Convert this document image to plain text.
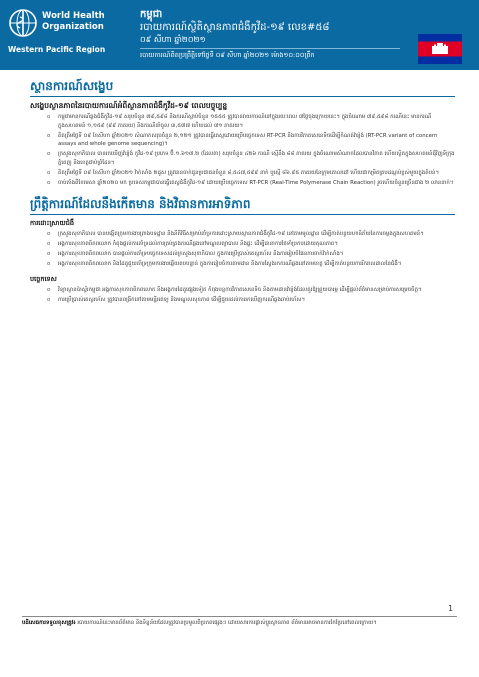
World Health
Organization
Western Pacific Region
កម្ពុជា
របាយការណ៍ស្ថិតិស្ថានភាពជំងឺកូវីដ-១៩ លេខ#៥៨
០៩ សីហា ឆ្នាំ២០២១
របាយការណ៍ពិតប្រព្រឹត្តិទៅថ្ងៃទី ០៩ សីហា ឆ្នាំ២០២១ ម៉ោង១០:០០ព្រឹក
ស្ថានការណ៍សង្ខេប
សង្ខេបស្ថានភាពនៃរបាយការណ៍អំពីស្ថានភាពជំងឺកូវីដ-១៩ ពេលបច្ចុប្បន្ន
o កម្ពុជាមានករណីឆ្លងជំងឺកូវីដ-១៩ សរុបចំនួន ៧៩,៥៩៨ និងករណីស្លាប់ចំនួន ១៥៥៥ ត្រូវបានរាយការណ៍នៅក្នុងរយៈពេល ៧ថ្ងៃចុងក្រោយនេះ។ ក្នុងចំណោម ៧៩,៥៩៨ ករណីនេះ មានករណីក្នុងសហគមន៍ ១,១៥៩ (៩៩ ភាគរយ) និងករណីនាំចូល ៣,៥៧៧ ហើយដល់ ៧១ ភាគរយ។
o គិតត្រឹមថ្ងៃទី ០៩ ខែសីហា ឆ្នាំ២០២១ សំណាកសរុបចំនួន ២,១២១ ត្រូវបានធ្វើតេស្ត​ដោយប្រើបច្ចេកទេស RT-PCR និងការវិភាគសេនេទិចដើម្បីកំណត់វ៉ារ្យ៉ង់ (RT-PCR variant of concern assays and whole genome sequencing)។
o ក្រសួងសុខាភិបាល បានរកឃើញវ៉ារ្យ៉ង់ កូវីដ-១៩ ប្រភេទ ប៊ី.១.៦១៧.២ (ដែលតា) សរុបចំនួន ៤២៦ ករណី ស្មើនឹង ៨៨ ភាគរយ ក្នុងចំណោមសំណាកដែលបានវិភាគ ហើយស្ថិតក្នុងសហគមន៍ជុំវិញទីក្រុងភ្នំពេញ និងខេត្តជាប់ព្រំដែន។
o គិតត្រឹមថ្ងៃទី ០៩ ខែសីហា ឆ្នាំ២០២១ វ៉ាក់សាំង ២ដូស ត្រូវបានចាក់ជូនប្រជាជនចំនួន ៨,៥៤៧,៥៩៩ នាក់ ឬស្មើ ៨៦.៩៥ ភាគរយនៃក្រុមគោលដៅ ហើយជាកម្រិតគ្របដណ្តប់ខ្ពស់មួយក្នុងតំបន់។
o ចាប់តាំងពីខែមេសា ឆ្នាំ២០២០ មក ប្រទេសកម្ពុជាបានធ្វើតេស្តជំងឺកូវីដ-១៩ ដោយប្រើបច្ចេកទេស RT-PCR (Real-Time Polymerase Chain Reaction) រួចហើយចំនួនច្រើនជាង ២ លាននាក់។
ព្រឹត្តិការណ៍ដែលនឹងកើតមាន និងវិធានការអាទិភាព
ការដោះស្រាយជំងឺ
o ក្រសួងសុខាភិបាល បានបង្កើតក្រុមការងារព្រាងបទដ្ឋាន និងនីតិវិធីសម្រាប់គាំទ្រការដោះស្រាយស្ថានភាពជំងឺកូវីដ-១៩ នៅតាមមូលដ្ឋាន ដើម្បីកាត់បន្ថយហានិភ័យនៃការចម្លងក្នុងសហគមន៍។
o អង្គការសុខភាពពិភពលោក កំពុងផ្តល់ការគាំទ្រដល់ការគ្រប់គ្រងករណីឆ្លងនៅមណ្ឌលព្យាបាល និងផ្ទះ ដើម្បីធានាការថែទាំប្រកបដោយគុណភាព។
o អង្គការសុខភាពពិភពលោក បានផ្តល់ការគាំទ្របច្ចេកទេសដល់ក្រសួងសុខាភិបាល ក្នុងការប្រើប្រាស់តេស្តរហ័ស និងការរៀបចំផែនការចាក់វ៉ាក់សាំង។
o អង្គការសុខភាពពិភពលោក និងដៃគូជួយគាំទ្រក្រុមការងារឆ្លើយតបបន្ទាន់ ក្នុងការរៀបចំការតាមដាន និងការស្វែងរកករណីឆ្លងនៅតាមខេត្ត ដើម្បីកាត់បន្ថយការរីករាលដាលនៃជំងឺ។
បច្ចេកទេស
o វិទ្យាស្ថានប៉ាស្ទ័រកម្ពុជា អង្គការសុខភាពពិភពលោក និងអង្គការដៃគូផ្សេងទៀត កំពុងបន្តការវិភាគសេនេទិច និងតាមដានវ៉ារ្យ៉ង់ដែលគួរឱ្យព្រួយបារម្ភ ដើម្បីផ្តល់ព័ត៌មានសម្រាប់ការសម្រេចចិត្ត។
o ការប្រើប្រាស់តេស្តរហ័ស ត្រូវបានពង្រីកនៅតាមមន្ទីរពេទ្យ និងមណ្ឌលសុខភាព ដើម្បីជួយដល់ការរកឃើញករណីឆ្លងឆាប់រហ័ស។
1
បដិសេធការទទួលខុសត្រូវ៖ របាយការណ៍នេះមានព័ត៌មាន និងទិន្នន័យដែលត្រូវបានប្រមូលពីប្រភពផ្សេងៗ ដោយសារការផ្លាស់ប្តូរស្ថានភាព ព័ត៌មានអាចមានការកែប្រែនៅពេលក្រោយ។
